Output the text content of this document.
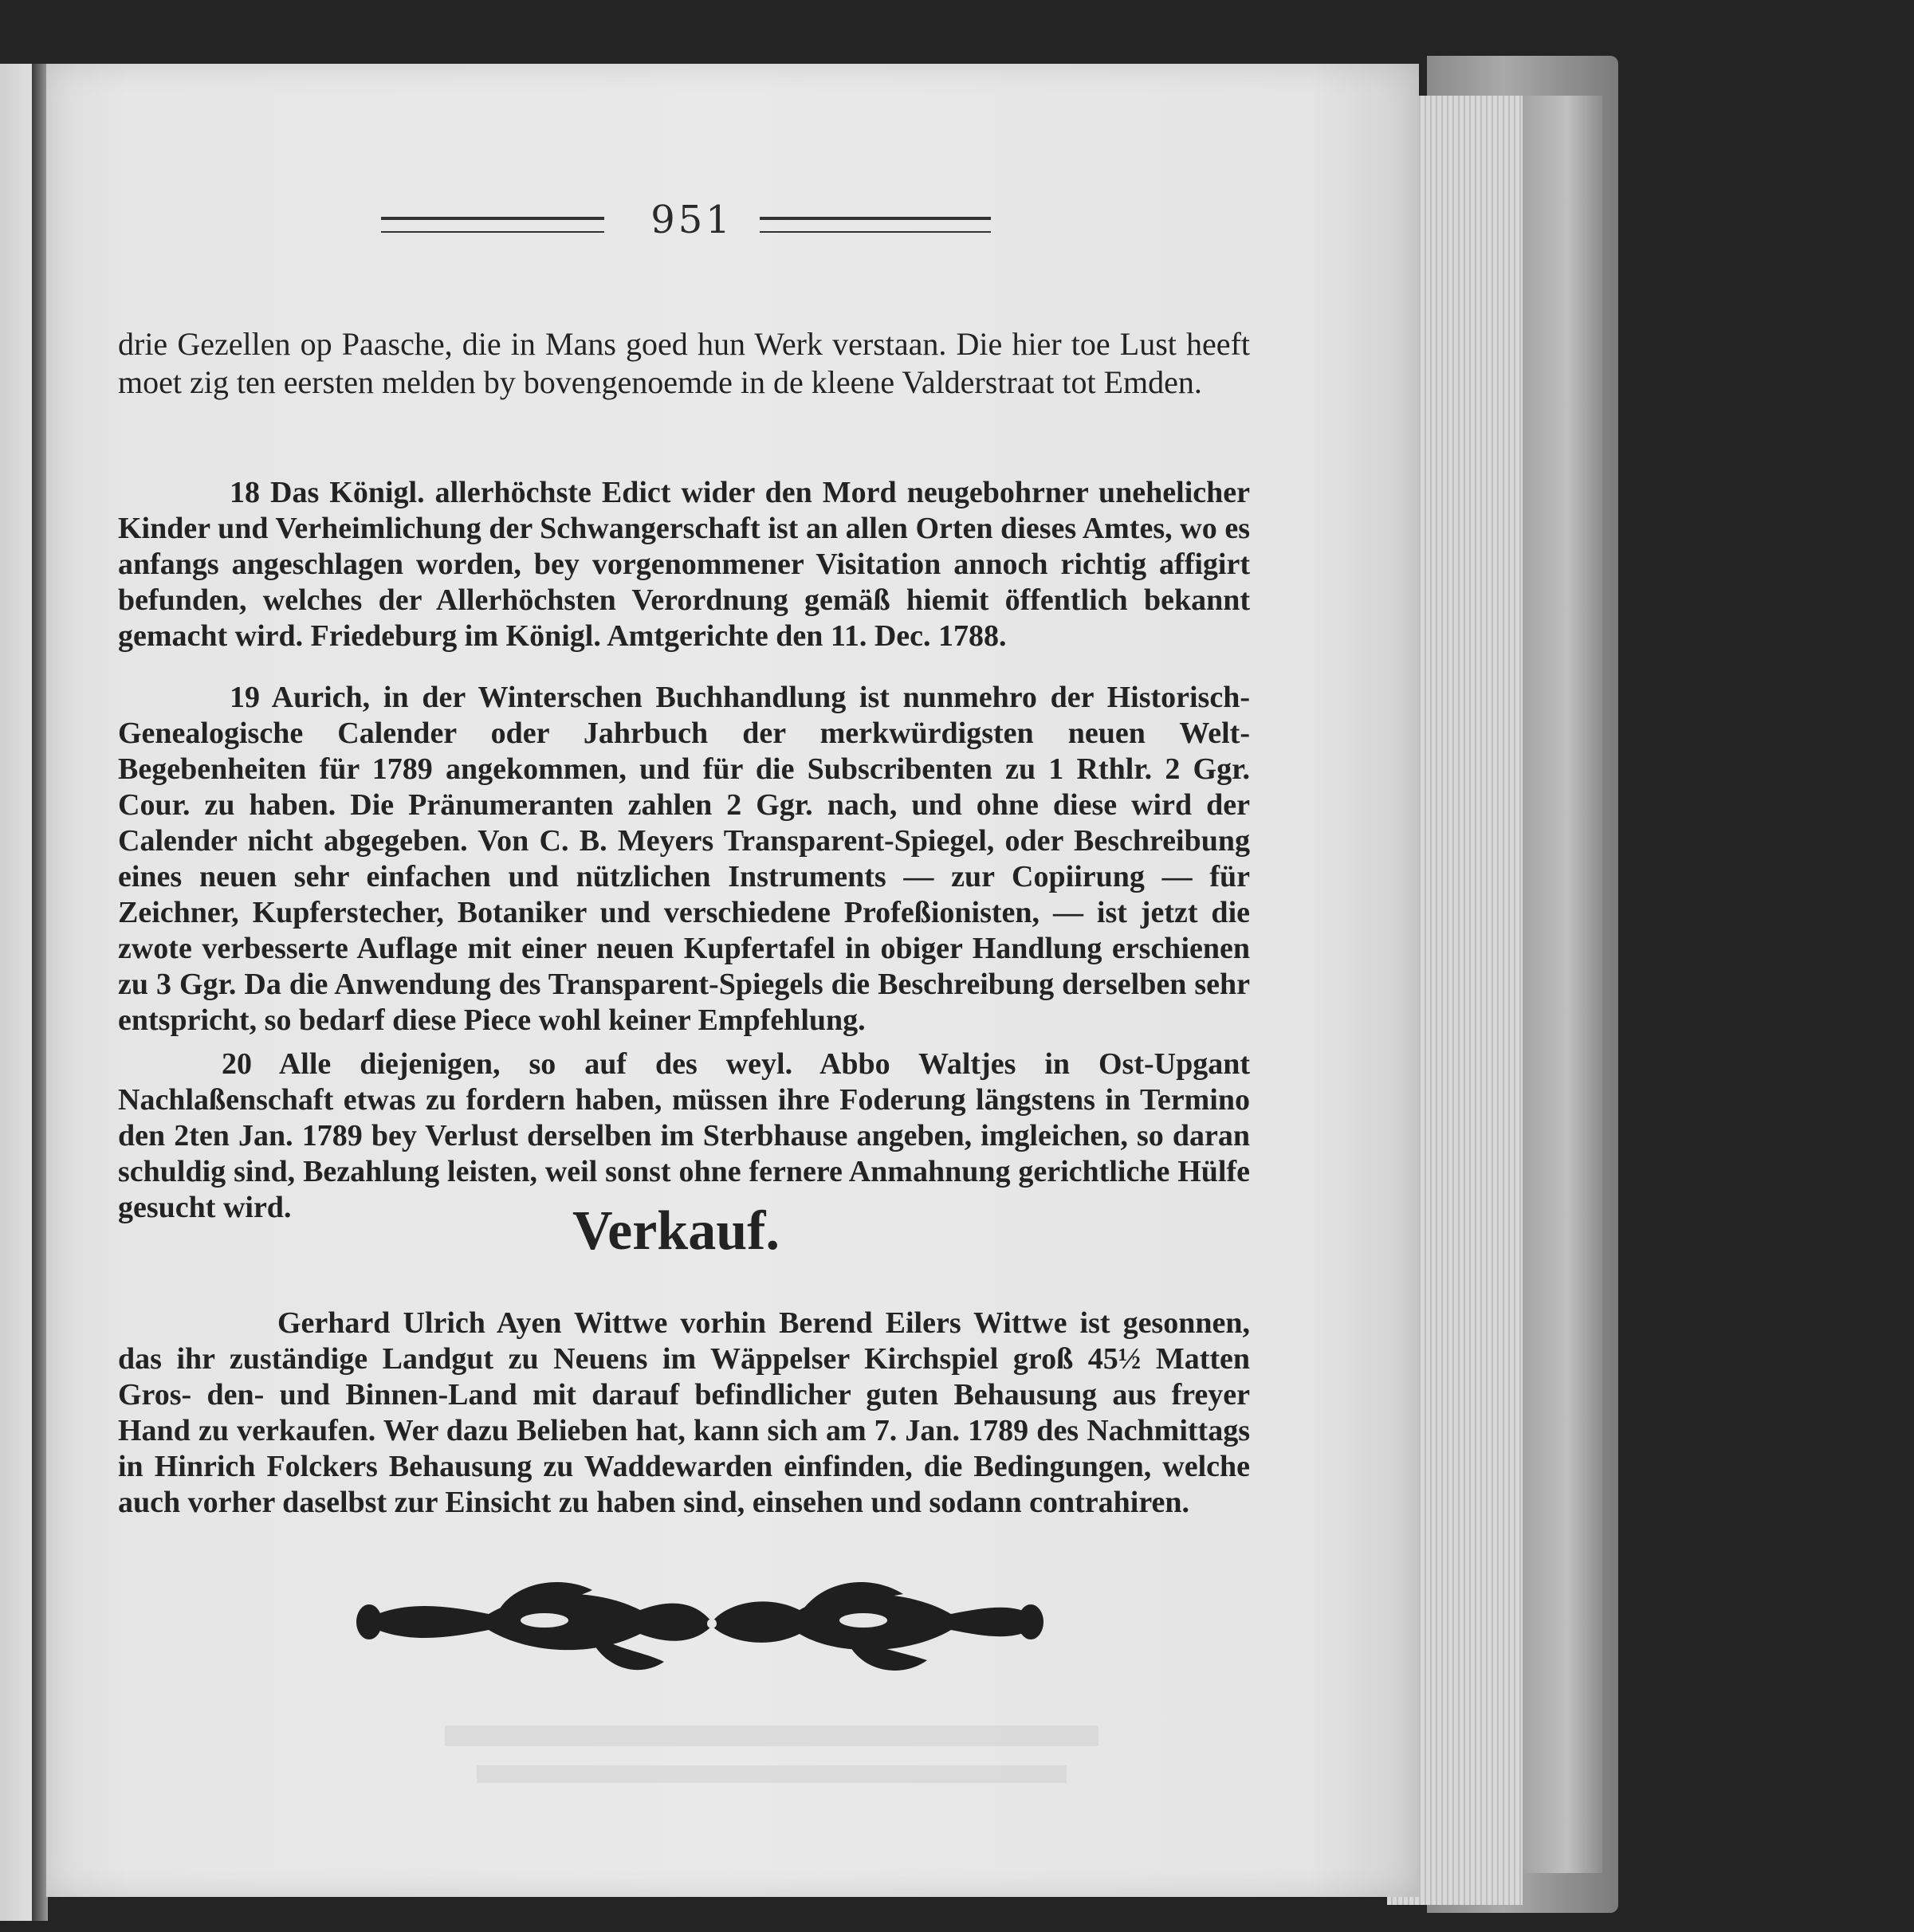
951

drie Gezellen op Paasche, die in Mans goed hun Werk verstaan. Die hier toe Lust heeft moet zig ten eersten melden by bovengenoemde in de kleene Valderstraat tot Emden.

18 Das Königl. allerhöchste Edict wider den Mord neugebohrner unehelicher Kinder und Verheimlichung der Schwangerschaft ist an allen Orten dieses Amtes, wo es anfangs angeschlagen worden, bey vorgenommener Visitation annoch richtig affigirt befunden, welches der Allerhöchsten Verordnung gemäß hiemit öffentlich bekannt gemacht wird. Friedeburg im Königl. Amtgerichte den 11. Dec. 1788.

19 Aurich, in der Winterschen Buchhandlung ist nunmehro der Historisch-Genealogische Calender oder Jahrbuch der merkwürdigsten neuen Welt-Begebenheiten für 1789 angekommen, und für die Subscribenten zu 1 Rthlr. 2 Ggr. Cour. zu haben. Die Pränumeranten zahlen 2 Ggr. nach, und ohne diese wird der Calender nicht abgegeben. Von C. B. Meyers Transparent-Spiegel, oder Beschreibung eines neuen sehr einfachen und nützlichen Instruments — zur Copiirung — für Zeichner, Kupferstecher, Botaniker und verschiedene Profeßionisten, — ist jetzt die zwote verbesserte Auflage mit einer neuen Kupfertafel in obiger Handlung erschienen zu 3 Ggr. Da die Anwendung des Transparent-Spiegels die Beschreibung derselben sehr entspricht, so bedarf diese Piece wohl keiner Empfehlung.

20 Alle diejenigen, so auf des weyl. Abbo Waltjes in Ost-Upgant Nachlaßenschaft etwas zu fordern haben, müssen ihre Foderung längstens in Termino den 2ten Jan. 1789 bey Verlust derselben im Sterbhause angeben, imgleichen, so daran schuldig sind, Bezahlung leisten, weil sonst ohne fernere Anmahnung gerichtliche Hülfe gesucht wird.	Verkauf.

Gerhard Ulrich Ayen Wittwe vorhin Berend Eilers Wittwe ist gesonnen, das ihr zuständige Landgut zu Neuens im Wäppelser Kirchspiel groß 45½ Matten Gros- den- und Binnen-Land mit darauf befindlicher guten Behausung aus freyer Hand zu verkaufen. Wer dazu Belieben hat, kann sich am 7. Jan. 1789 des Nachmittags in Hinrich Folckers Behausung zu Waddewarden einfinden, die Bedingungen, welche auch vorher daselbst zur Einsicht zu haben sind, einsehen und sodann contrahiren.
